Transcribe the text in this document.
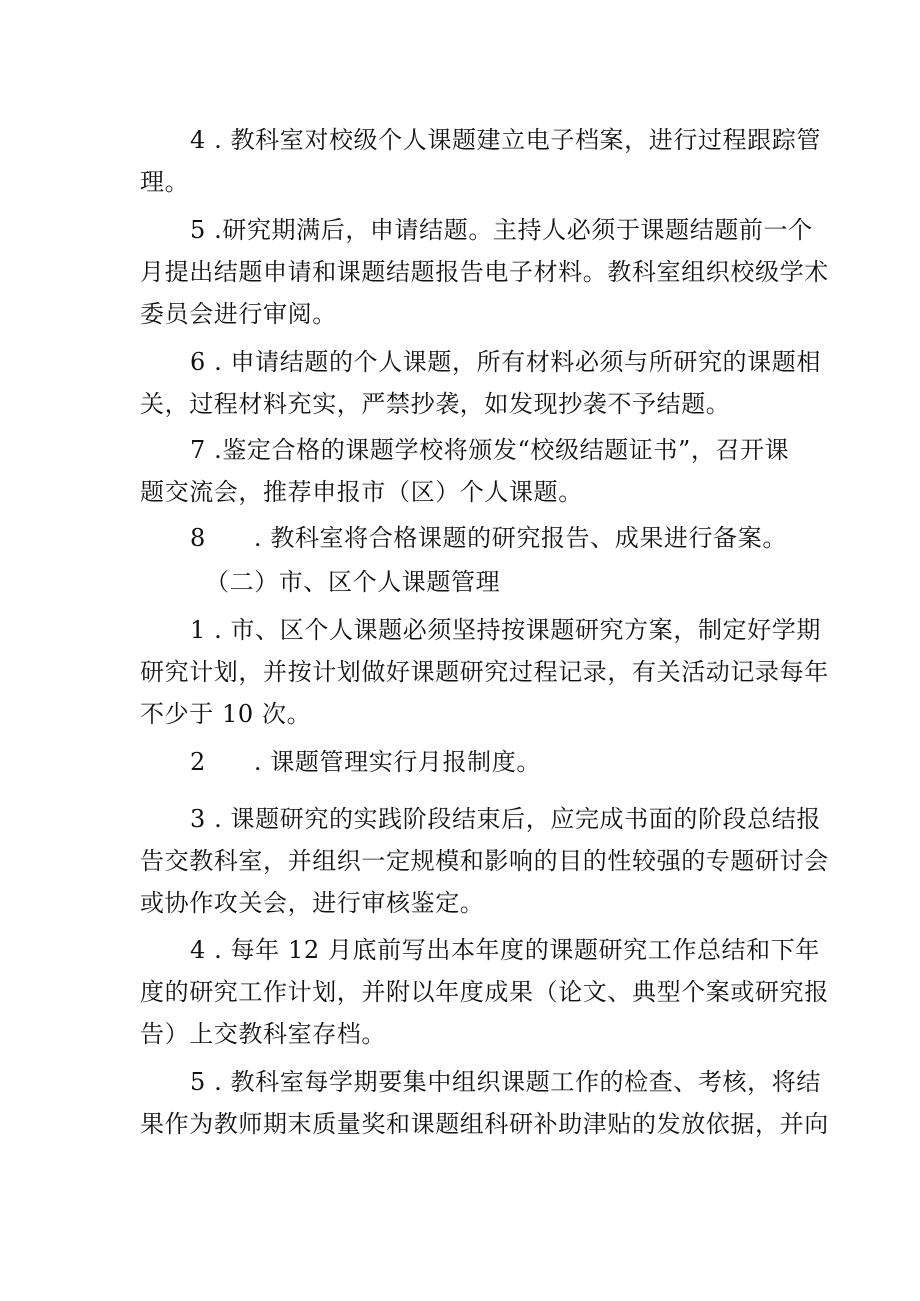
4 . 教科室对校级个人课题建立电子档案，进行过程跟踪管
理。
5 .研究期满后，申请结题。主持人必须于课题结题前一个
月提出结题申请和课题结题报告电子材料。教科室组织校级学术
委员会进行审阅。
6 . 申请结题的个人课题，所有材料必须与所研究的课题相
关，过程材料充实，严禁抄袭，如发现抄袭不予结题。
7 .鉴定合格的课题学校将颁发“校级结题证书”，召开课
题交流会，推荐申报市（区）个人课题。
8 . 教科室将合格课题的研究报告、成果进行备案。
（二）市、区个人课题管理
1 . 市、区个人课题必须坚持按课题研究方案，制定好学期
研究计划，并按计划做好课题研究过程记录，有关活动记录每年
不少于 10 次。
2 . 课题管理实行月报制度。
3 . 课题研究的实践阶段结束后，应完成书面的阶段总结报
告交教科室，并组织一定规模和影响的目的性较强的专题研讨会
或协作攻关会，进行审核鉴定。
4 . 每年 12 月底前写出本年度的课题研究工作总结和下年
度的研究工作计划，并附以年度成果（论文、典型个案或研究报
告）上交教科室存档。
5 . 教科室每学期要集中组织课题工作的检查、考核，将结
果作为教师期末质量奖和课题组科研补助津贴的发放依据，并向
